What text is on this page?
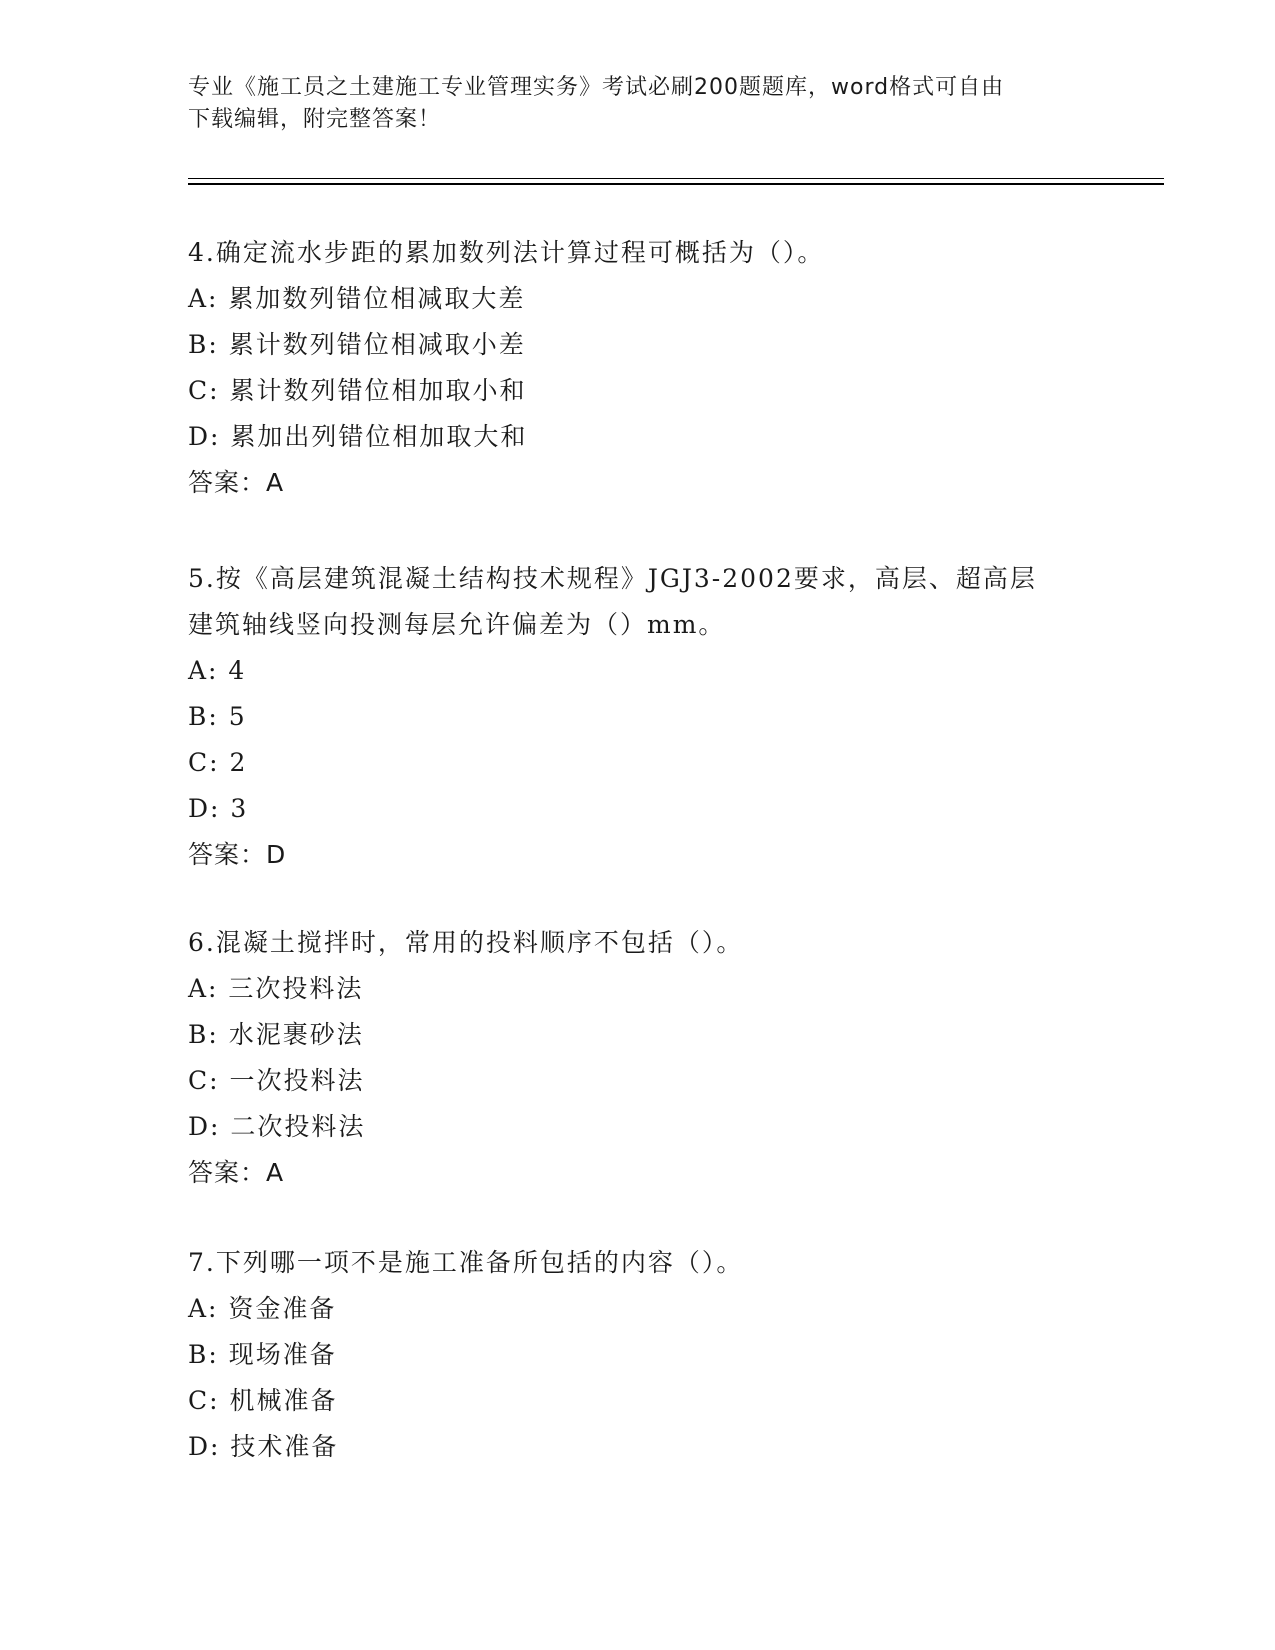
专业《施工员之土建施工专业管理实务》考试必刷200题题库，word格式可自由
下载编辑，附完整答案！
4.确定流水步距的累加数列法计算过程可概括为（）。
A: 累加数列错位相减取大差
B: 累计数列错位相减取小差
C: 累计数列错位相加取小和
D: 累加出列错位相加取大和
答案：A
5.按《高层建筑混凝土结构技术规程》JGJ3-2002要求，高层、超高层
建筑轴线竖向投测每层允许偏差为（）mm。
A: 4
B: 5
C: 2
D: 3
答案：D
6.混凝土搅拌时，常用的投料顺序不包括（）。
A: 三次投料法
B: 水泥裹砂法
C: 一次投料法
D: 二次投料法
答案：A
7.下列哪一项不是施工准备所包括的内容（）。
A: 资金准备
B: 现场准备
C: 机械准备
D: 技术准备
